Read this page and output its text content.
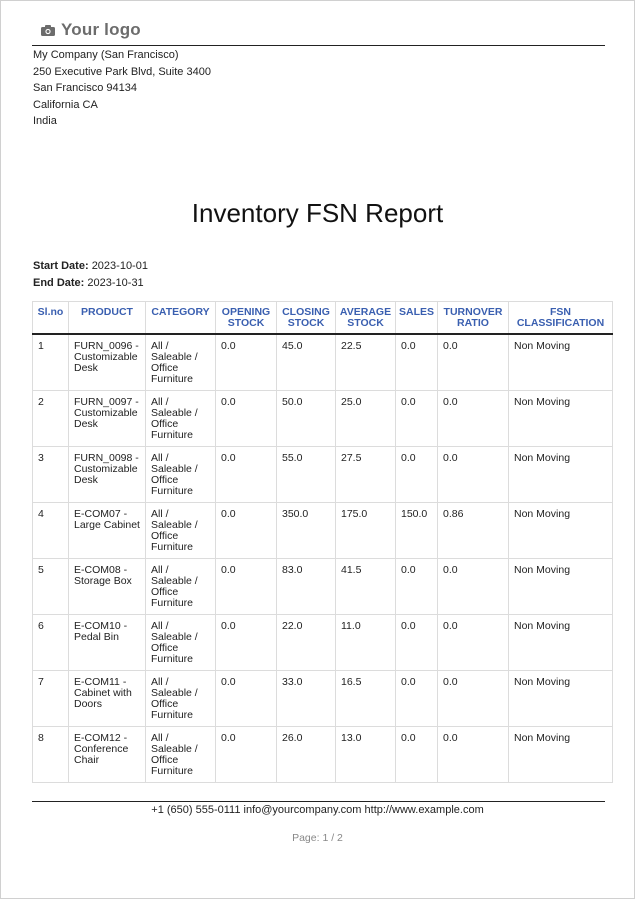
Your logo
My Company (San Francisco)
250 Executive Park Blvd, Suite 3400
San Francisco 94134
California CA
India
Inventory FSN Report
Start Date: 2023-10-01
End Date: 2023-10-31
Sl.no	PRODUCT	CATEGORY	OPENING STOCK	CLOSING STOCK	AVERAGE STOCK	SALES	TURNOVER RATIO	FSN CLASSIFICATION
1	FURN_0096 - Customizable Desk	All / Saleable / Office Furniture	0.0	45.0	22.5	0.0	0.0	Non Moving
2	FURN_0097 - Customizable Desk	All / Saleable / Office Furniture	0.0	50.0	25.0	0.0	0.0	Non Moving
3	FURN_0098 - Customizable Desk	All / Saleable / Office Furniture	0.0	55.0	27.5	0.0	0.0	Non Moving
4	E-COM07 - Large Cabinet	All / Saleable / Office Furniture	0.0	350.0	175.0	150.0	0.86	Non Moving
5	E-COM08 - Storage Box	All / Saleable / Office Furniture	0.0	83.0	41.5	0.0	0.0	Non Moving
6	E-COM10 - Pedal Bin	All / Saleable / Office Furniture	0.0	22.0	11.0	0.0	0.0	Non Moving
7	E-COM11 - Cabinet with Doors	All / Saleable / Office Furniture	0.0	33.0	16.5	0.0	0.0	Non Moving
8	E-COM12 - Conference Chair	All / Saleable / Office Furniture	0.0	26.0	13.0	0.0	0.0	Non Moving
+1 (650) 555-0111 info@yourcompany.com http://www.example.com
Page: 1 / 2
